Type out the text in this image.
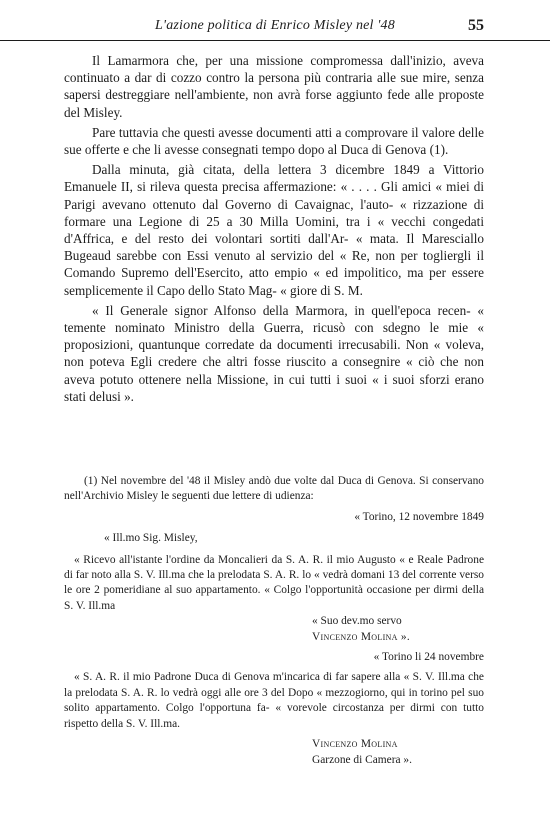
L'azione politica di Enrico Misley nel '48	55

Il Lamarmora che, per una missione compromessa dall'inizio, aveva continuato a dar di cozzo contro la persona più contraria alle sue mire, senza sapersi destreggiare nell'ambiente, non avrà forse aggiunto fede alle proposte del Misley.

Pare tuttavia che questi avesse documenti atti a comprovare il valore delle sue offerte e che li avesse consegnati tempo dopo al Duca di Genova (1).

Dalla minuta, già citata, della lettera 3 dicembre 1849 a Vittorio Emanuele II, si rileva questa precisa affermazione: « . . . . Gli amici « miei di Parigi avevano ottenuto dal Governo di Cavaignac, l'auto- « rizzazione di formare una Legione di 25 a 30 Milla Uomini, tra i « vecchi congedati d'Affrica, e del resto dei volontari sortiti dall'Ar- « mata. Il Maresciallo Bugeaud sarebbe con Essi venuto al servizio del « Re, non per togliergli il Comando Supremo dell'Esercito, atto empio « ed impolitico, ma per essere semplicemente il Capo dello Stato Mag- « giore di S. M.

« Il Generale signor Alfonso della Marmora, in quell'epoca recen- « temente nominato Ministro della Guerra, ricusò con sdegno le mie « proposizioni, quantunque corredate da documenti irrecusabili. Non « voleva, non poteva Egli credere che altri fosse riuscito a consegnire « ciò che non aveva potuto ottenere nella Missione, in cui tutti i suoi « i suoi sforzi erano stati delusi ».

(1) Nel novembre del '48 il Misley andò due volte dal Duca di Genova. Si conservano nell'Archivio Misley le seguenti due lettere di udienza:

« Torino, 12 novembre 1849

« Ill.mo Sig. Misley,

« Ricevo all'istante l'ordine da Moncalieri da S. A. R. il mio Augusto « e Reale Padrone di far noto alla S. V. Ill.ma che la prelodata S. A. R. lo « vedrà domani 13 del corrente verso le ore 2 pomeridiane al suo appartamento. « Colgo l'opportunità occasione per dirmi della S. V. Ill.ma

« Suo dev.mo servo

Vincenzo Molina ».

« Torino li 24 novembre

« S. A. R. il mio Padrone Duca di Genova m'incarica di far sapere alla « S. V. Ill.ma che la prelodata S. A. R. lo vedrà oggi alle ore 3 del Dopo « mezzogiorno, qui in torino pel suo solito appartamento. Colgo l'opportuna fa- « vorevole circostanza per dirmi con tutto rispetto della S. V. Ill.ma.

Vincenzo Molina

Garzone di Camera ».
